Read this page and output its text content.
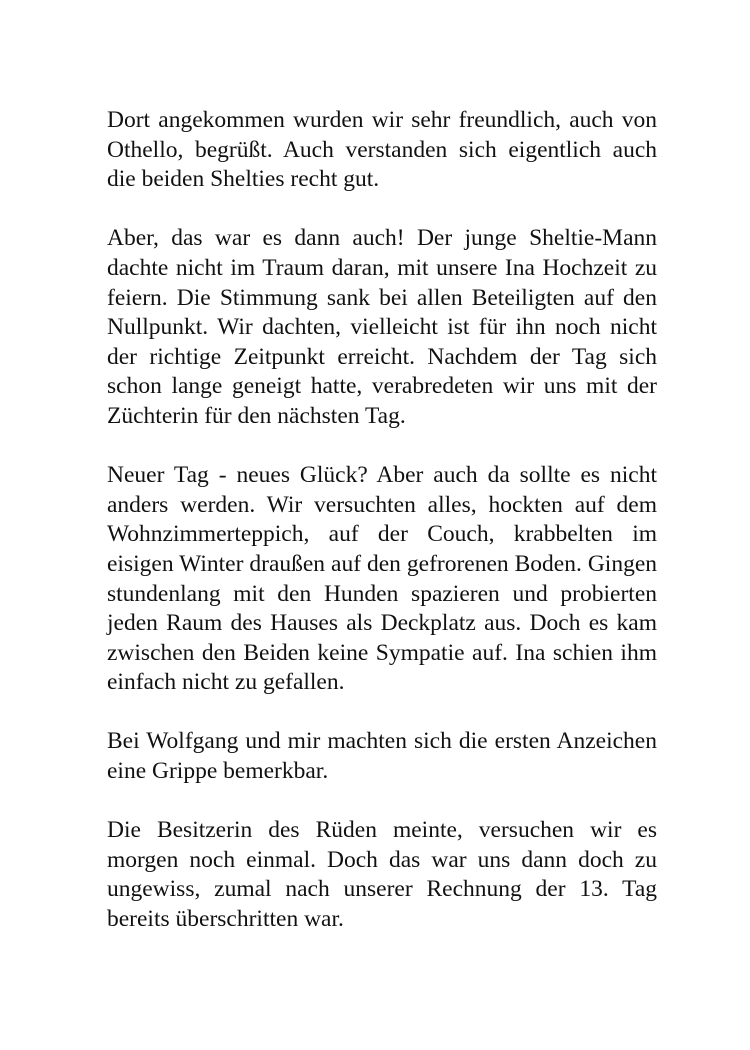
Dort angekommen wurden wir sehr freundlich, auch von Othello, begrüßt. Auch verstanden sich eigentlich auch die beiden Shelties recht gut.

Aber, das war es dann auch! Der junge Sheltie-Mann dachte nicht im Traum daran, mit unsere Ina Hochzeit zu feiern. Die Stimmung sank bei allen Beteiligten auf den Nullpunkt. Wir dachten, vielleicht ist für ihn noch nicht der richtige Zeitpunkt erreicht. Nachdem der Tag sich schon lange geneigt hatte, verabredeten wir uns mit der Züchterin für den nächsten Tag.

Neuer Tag - neues Glück? Aber auch da sollte es nicht anders werden. Wir versuchten alles, hockten auf dem Wohnzimmerteppich, auf der Couch, krabbelten im eisigen Winter draußen auf den gefrorenen Boden. Gingen stundenlang mit den Hunden spazieren und probierten jeden Raum des Hauses als Deckplatz aus. Doch es kam zwischen den Beiden keine Sympatie auf. Ina schien ihm einfach nicht zu gefallen.

Bei Wolfgang und mir machten sich die ersten Anzeichen eine Grippe bemerkbar.

Die Besitzerin des Rüden meinte, versuchen wir es morgen noch einmal. Doch das war uns dann doch zu ungewiss, zumal nach unserer Rechnung der 13. Tag bereits überschritten war.
